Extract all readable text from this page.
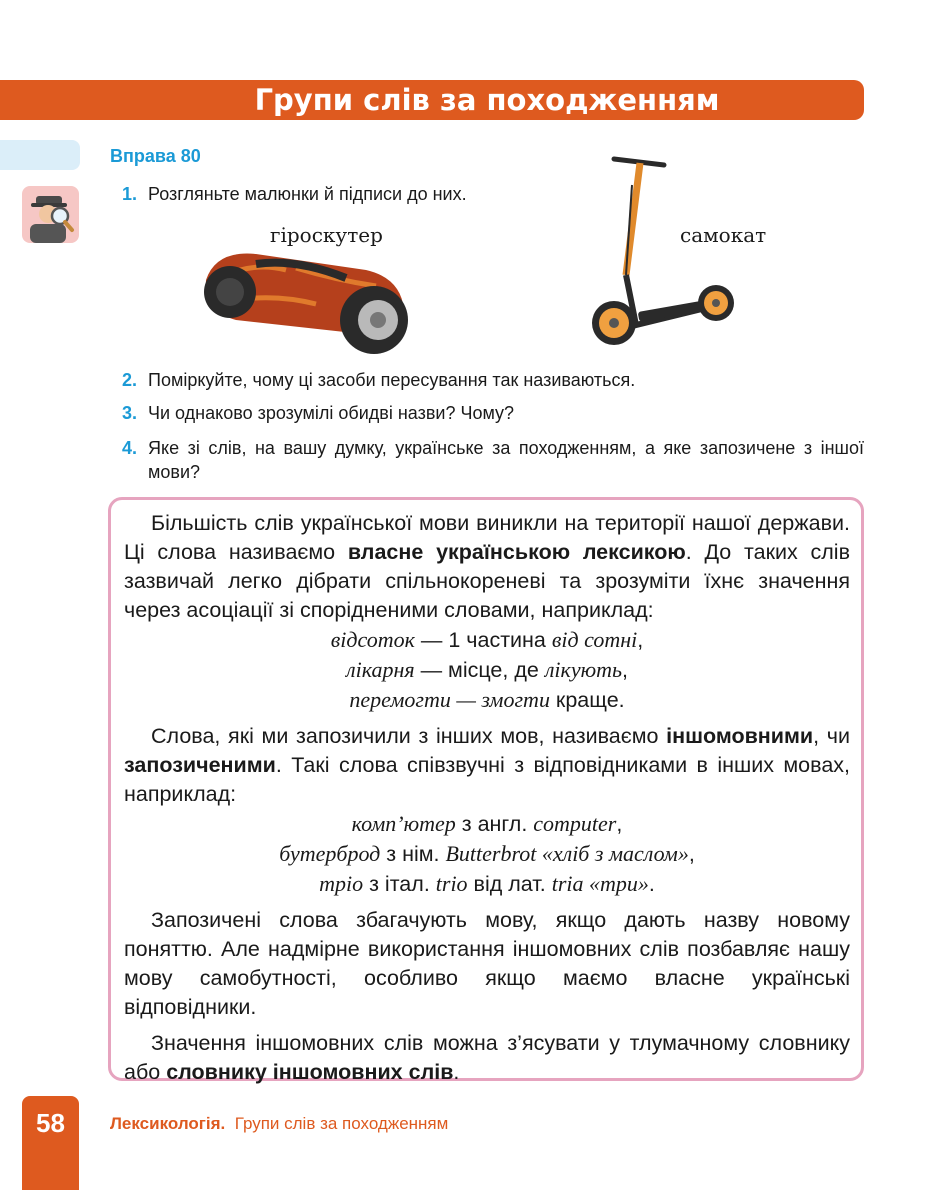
Групи слів за походженням
Вправа 80
1. Розгляньте малюнки й підписи до них.
гіроскутер	самокат
2. Поміркуйте, чому ці засоби пересування так називаються.
3. Чи однаково зрозумілі обидві назви? Чому?
4. Яке зі слів, на вашу думку, українське за походженням, а яке запозичене з іншої мови?

Більшість слів української мови виникли на території нашої держави. Ці слова називаємо власне українською лексикою. До таких слів зазвичай легко дібрати спільнокореневі та зрозуміти їхнє значення через асоціації зі спорідненими словами, наприклад:

відсоток — 1 частина від сотні,

лікарня — місце, де лікують,

перемогти — змогти краще.

Слова, які ми запозичили з інших мов, називаємо іншомовними, чи запозиченими. Такі слова співзвучні з відповідниками в інших мовах, наприклад:

комп’ютер з англ. computer,

бутерброд з нім. Butterbrot «хліб з маслом»,

тріо з італ. trio від лат. tria «три».

Запозичені слова збагачують мову, якщо дають назву новому поняттю. Але надмірне використання іншомовних слів позбавляє нашу мову самобутності, особливо якщо маємо власне українські відповідники.

Значення іншомовних слів можна з’ясувати у тлумачному словнику або словнику іншомовних слів.

58	Лексикологія. Групи слів за походженням
